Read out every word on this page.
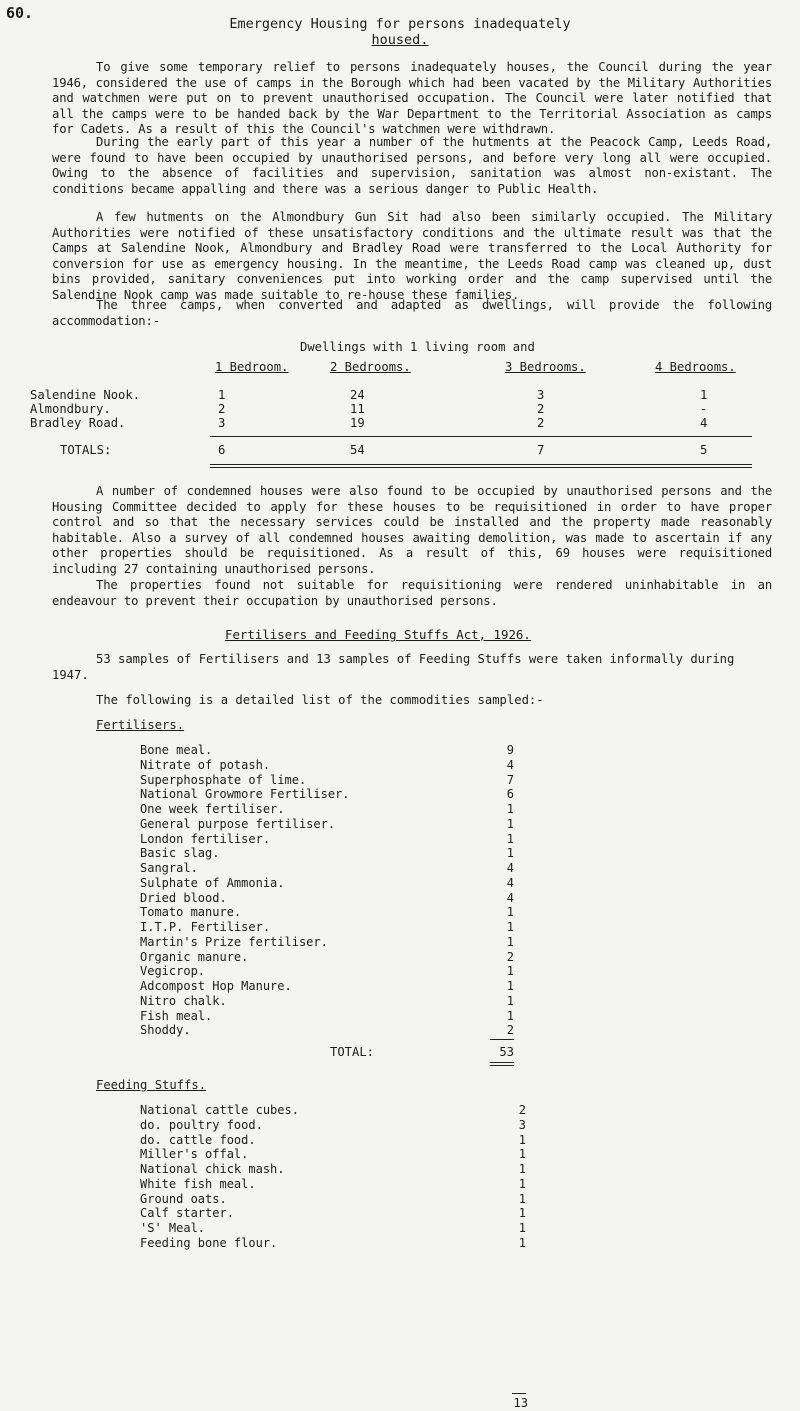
60.
Emergency Housing for persons inadequately
housed.
To give some temporary relief to persons inadequately houses, the Council during the year 1946, considered the use of camps in the Borough which had been vacated by the Military Authorities and watchmen were put on to prevent unauthorised occupation. The Council were later notified that all the camps were to be handed back by the War Department to the Territorial Association as camps for Cadets. As a result of this the Council's watchmen were withdrawn.
During the early part of this year a number of the hutments at the Peacock Camp, Leeds Road, were found to have been occupied by unauthorised persons, and before very long all were occupied. Owing to the absence of facilities and supervision, sanitation was almost non-existant. The conditions became appalling and there was a serious danger to Public Health.
A few hutments on the Almondbury Gun Sit had also been similarly occupied. The Military Authorities were notified of these unsatisfactory conditions and the ultimate result was that the Camps at Salendine Nook, Almondbury and Bradley Road were transferred to the Local Authority for conversion for use as emergency housing. In the meantime, the Leeds Road camp was cleaned up, dust bins provided, sanitary conveniences put into working order and the camp supervised until the Salendine Nook camp was made suitable to re-house these families.
The three camps, when converted and adapted as dwellings, will provide the following accommodation:-
Dwellings with 1 living room and
1 Bedroom.	2 Bedrooms.	3 Bedrooms.	4 Bedrooms.
Salendine Nook.	1	24	3	1
Almondbury.	2	11	2	-
Bradley Road.	3	19	2	4
TOTALS:	6	54	7	5
A number of condemned houses were also found to be occupied by unauthorised persons and the Housing Committee decided to apply for these houses to be requisitioned in order to have proper control and so that the necessary services could be installed and the property made reasonably habitable. Also a survey of all condemned houses awaiting demolition, was made to ascertain if any other properties should be requisitioned. As a result of this, 69 houses were requisitioned including 27 containing unauthorised persons.
The properties found not suitable for requisitioning were rendered uninhabitable in an endeavour to prevent their occupation by unauthorised persons.
Fertilisers and Feeding Stuffs Act, 1926.
53 samples of Fertilisers and 13 samples of Feeding Stuffs were taken informally during
1947.
The following is a detailed list of the commodities sampled:-
Fertilisers.
Bone meal.	9
Nitrate of potash.	4
Superphosphate of lime.	7
National Growmore Fertiliser.	6
One week fertiliser.	1
General purpose fertiliser.	1
London fertiliser.	1
Basic slag.	1
Sangral.	4
Sulphate of Ammonia.	4
Dried blood.	4
Tomato manure.	1
I.T.P. Fertiliser.	1
Martin's Prize fertiliser.	1
Organic manure.	2
Vegicrop.	1
Adcompost Hop Manure.	1
Nitro chalk.	1
Fish meal.	1
Shoddy.	2
TOTAL:	53
Feeding Stuffs.
National cattle cubes.	2
do. poultry food.	3
do. cattle food.	1
Miller's offal.	1
National chick mash.	1
White fish meal.	1
Ground oats.	1
Calf starter.	1
'S' Meal.	1
Feeding bone flour.	1
13
